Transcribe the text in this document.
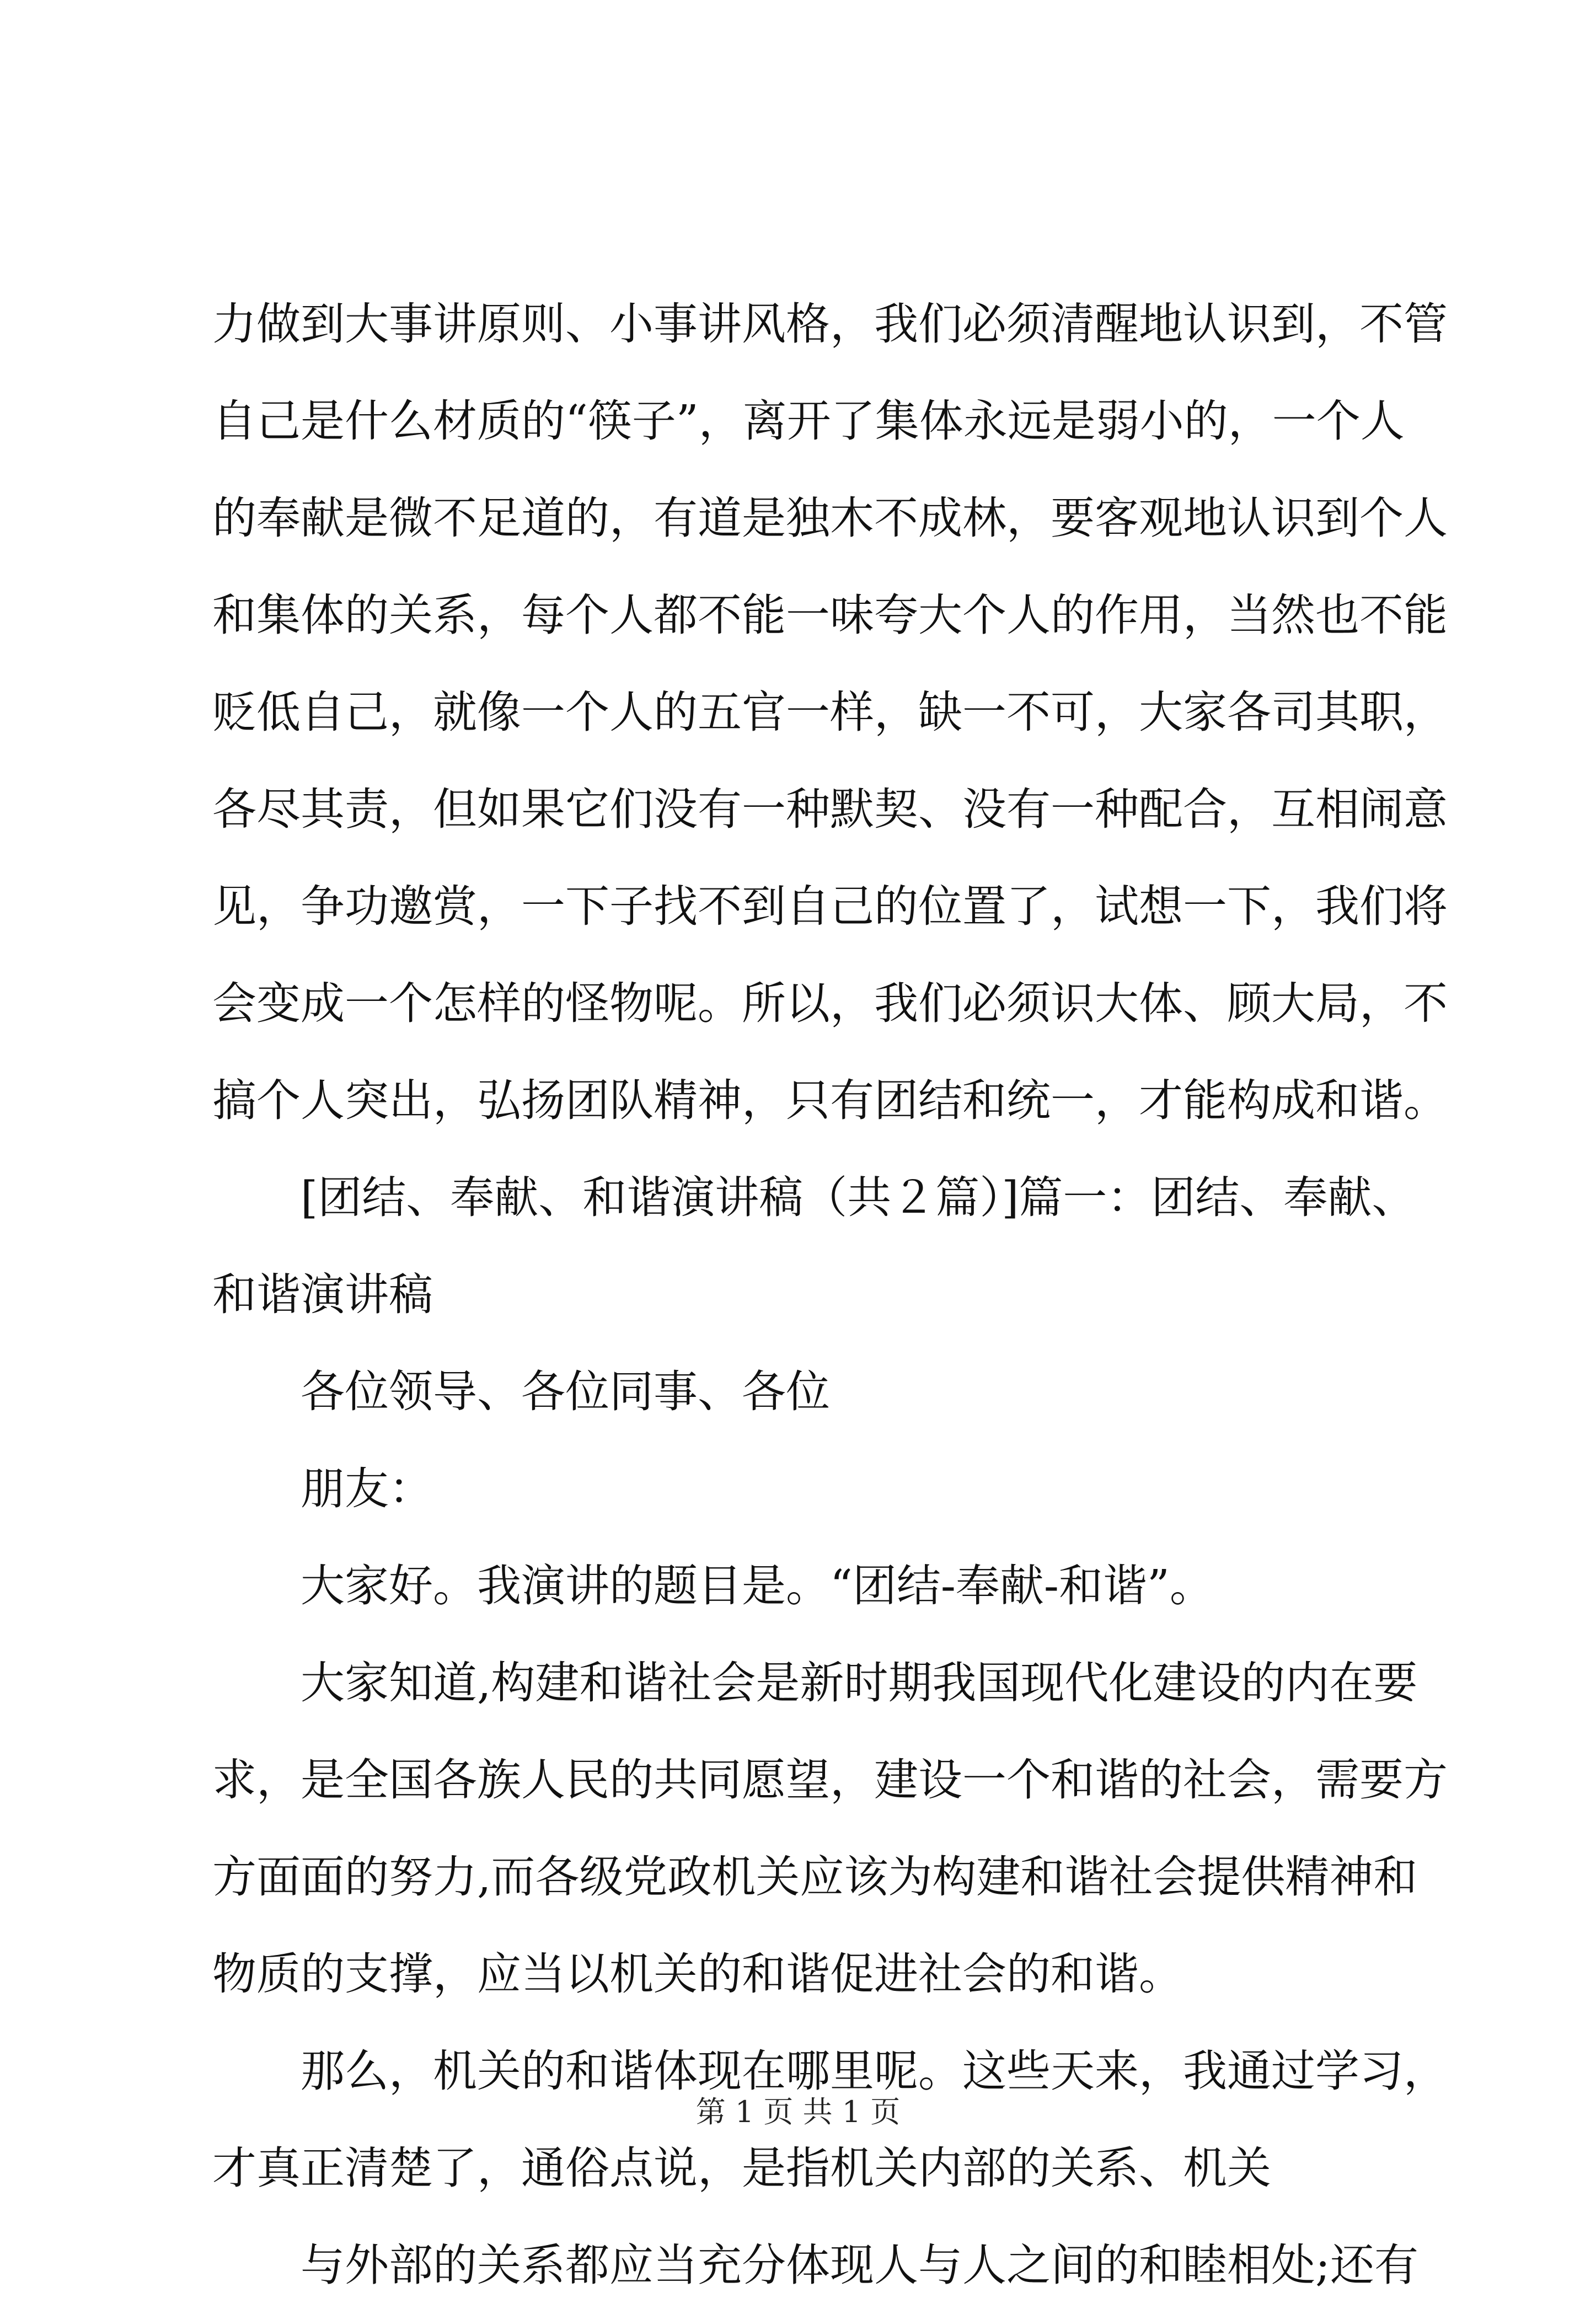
力做到大事讲原则、小事讲风格，我们必须清醒地认识到，不管
自己是什么材质的“筷子”，离开了集体永远是弱小的，一个人
的奉献是微不足道的，有道是独木不成林，要客观地认识到个人
和集体的关系，每个人都不能一味夸大个人的作用，当然也不能
贬低自己，就像一个人的五官一样，缺一不可，大家各司其职，
各尽其责，但如果它们没有一种默契、没有一种配合，互相闹意
见，争功邀赏，一下子找不到自己的位置了，试想一下，我们将
会变成一个怎样的怪物呢。所以，我们必须识大体、顾大局，不
搞个人突出，弘扬团队精神，只有团结和统一，才能构成和谐。
[团结、奉献、和谐演讲稿（共２篇）]篇一：团结、奉献、
和谐演讲稿
各位领导、各位同事、各位
朋友：
大家好。我演讲的题目是。“团结-奉献-和谐”。
大家知道,构建和谐社会是新时期我国现代化建设的内在要
求，是全国各族人民的共同愿望，建设一个和谐的社会，需要方
方面面的努力,而各级党政机关应该为构建和谐社会提供精神和
物质的支撑，应当以机关的和谐促进社会的和谐。
那么，机关的和谐体现在哪里呢。这些天来，我通过学习，
才真正清楚了，通俗点说，是指机关内部的关系、机关
与外部的关系都应当充分体现人与人之间的和睦相处;还有
第 1 页 共 1 页
